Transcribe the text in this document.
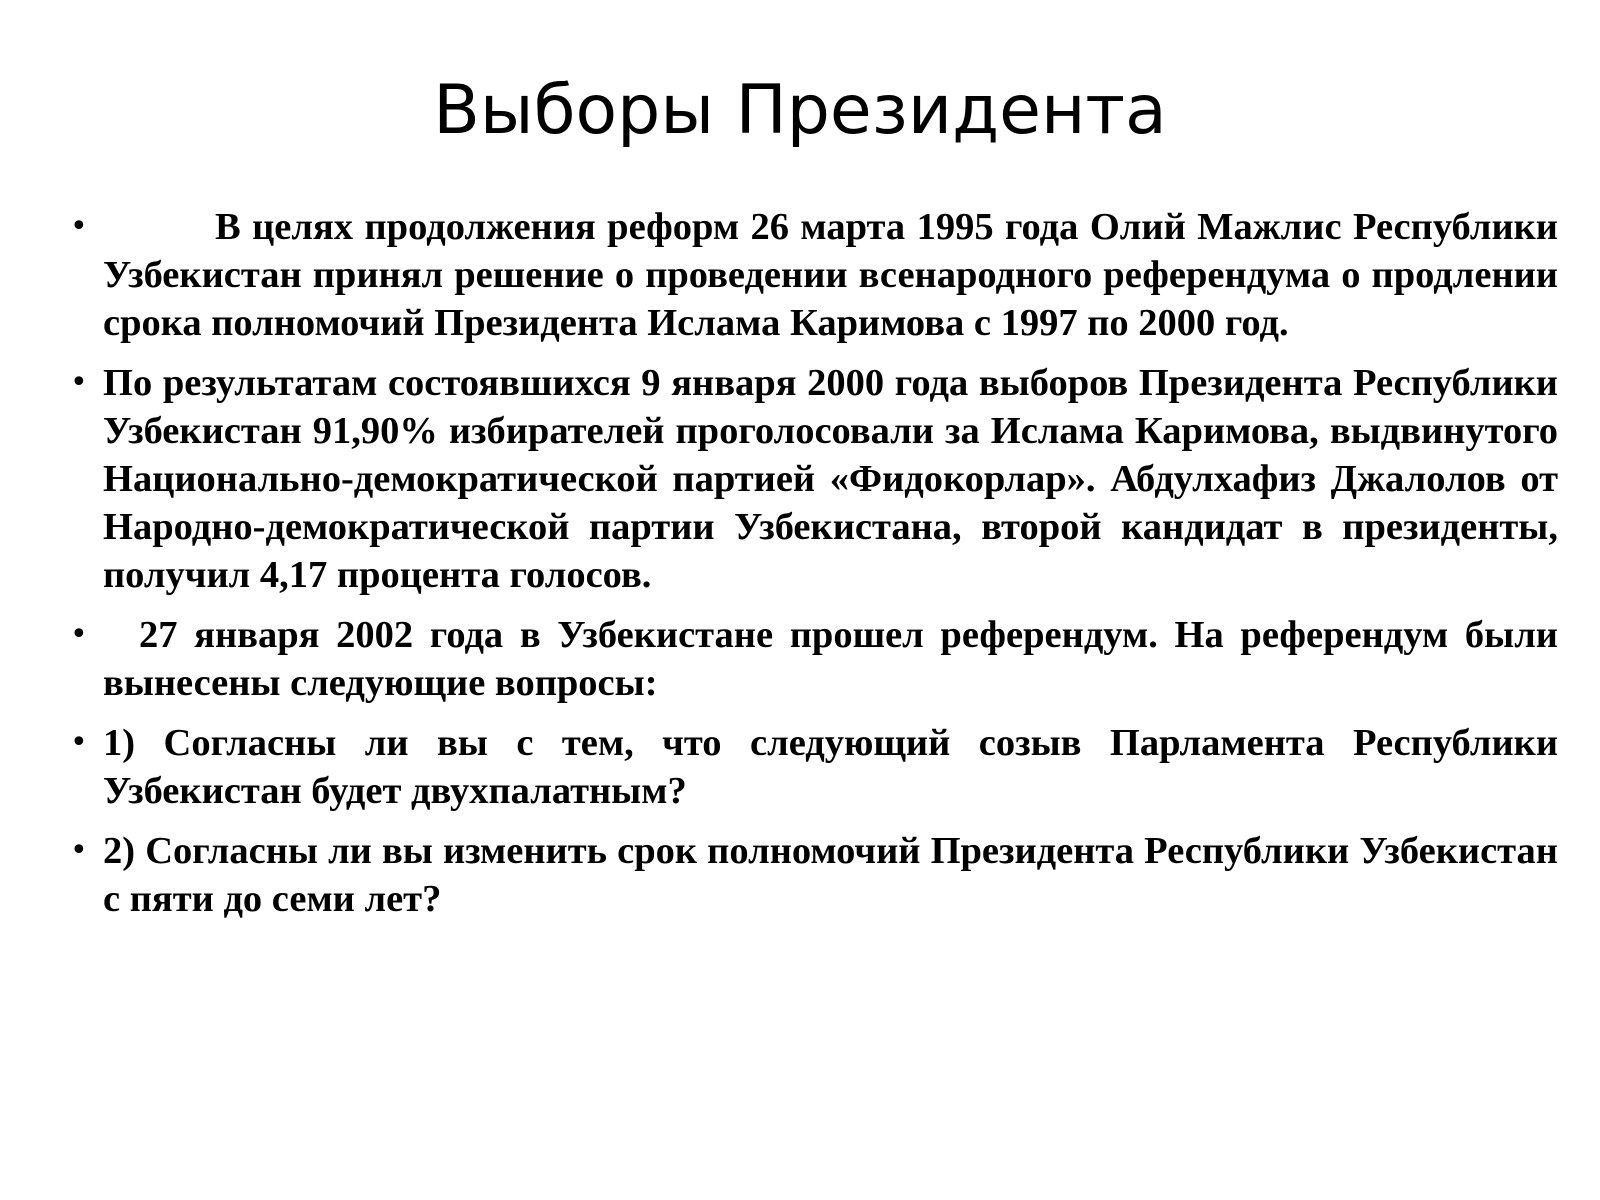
Выборы Президента
•	В целях продолжения реформ 26 марта 1995 года Олий Мажлис Республики Узбекистан принял решение о проведении всенародного референдума о продлении срока полномочий Президента Ислама Каримова с 1997 по 2000 год.
• По результатам состоявшихся 9 января 2000 года выборов Президента Республики Узбекистан 91,90% избирателей проголосовали за Ислама Каримова, выдвинутого Национально-демократической партией «Фидокорлар». Абдулхафиз Джалолов от Народно-демократической партии Узбекистана, второй кандидат в президенты, получил 4,17 процента голосов.
•	27 января 2002 года в Узбекистане прошел референдум. На референдум были вынесены следующие вопросы:
• 1) Согласны ли вы с тем, что следующий созыв Парламента Республики Узбекистан будет двухпалатным?
• 2) Согласны ли вы изменить срок полномочий Президента Республики Узбекистан с пяти до семи лет?
